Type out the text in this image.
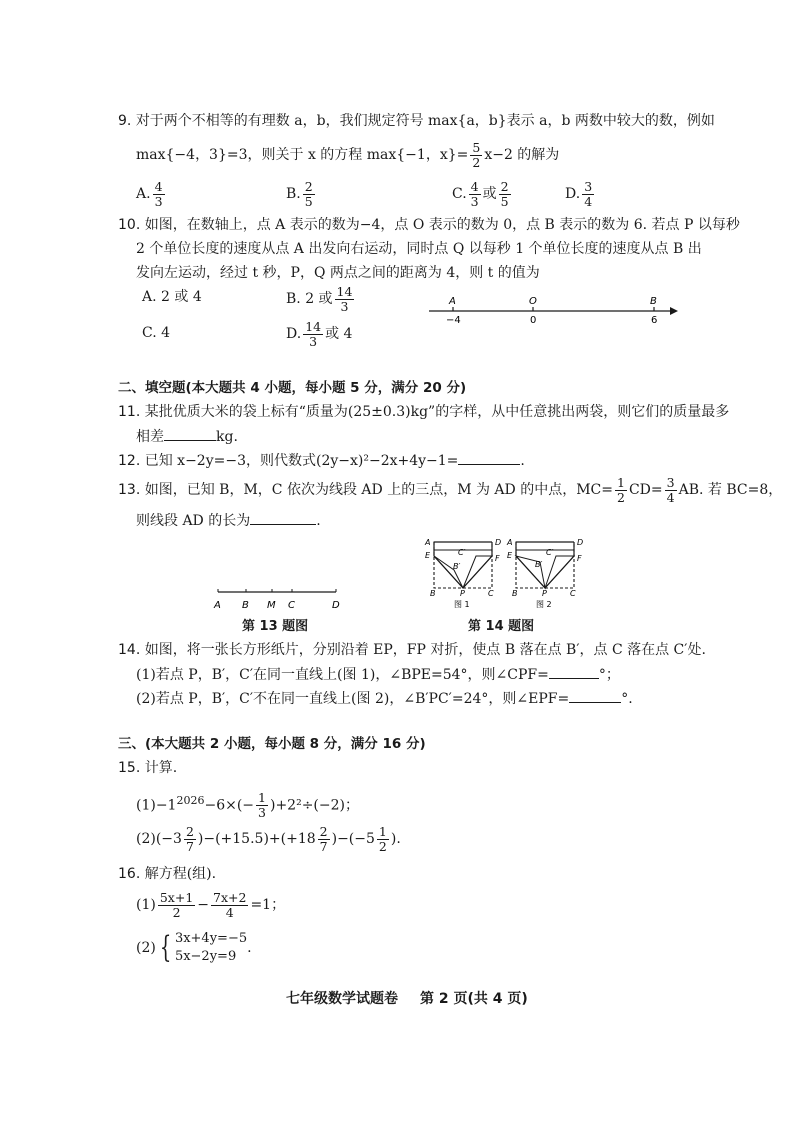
9. 对于两个不相等的有理数 a，b，我们规定符号 max{a，b}表示 a，b 两数中较大的数，例如
max{−4，3}=3，则关于 x 的方程 max{−1，$x\}= \frac{5}{2} x-2$ 的解为
A. $\frac{4}{3}$	B. $\frac{2}{5}$	C. $\frac{4}{3}$ 或 $\frac{2}{5}$	D. $\frac{3}{4}$
10. 如图，在数轴上，点 A 表示的数为−4，点 O 表示的数为 0，点 B 表示的数为 6. 若点 P 以每秒
2 个单位长度的速度从点 A 出发向右运动，同时点 Q 以每秒 1 个单位长度的速度从点 B 出
发向左运动，经过 t 秒，P，Q 两点之间的距离为 4，则 t 的值为
A. 2 或 4	B. 2 或 $\frac{14}{3}$
C. 4	D. $\frac{14}{3}$ 或 4
A	O	B
−4	0	6
二、填空题(本大题共 4 小题，每小题 5 分，满分 20 分)
11. 某批优质大米的袋上标有“质量为(25±0.3)kg”的字样，从中任意挑出两袋，则它们的质量最多
相差	kg.
12. 已知 x−2y=−3，则代数式(2y−x)²−2x+4y−1=	.
13. 如图，已知 B，M，C 依次为线段 AD 上的三点，M 为 AD 的中点，$MC= \frac{1}{2} CD= \frac{3}{4}$ AB. 若 BC=8，
则线段 AD 的长为	.
A B M C	D
第 13 题图
A	D
E	F
C′
B′
B	P	C
图 1
A	D
E	F
C′
B′
B	P	C
图 2
第 14 题图
14. 如图，将一张长方形纸片，分别沿着 EP，FP 对折，使点 B 落在点 B′，点 C 落在点 C′处.
(1)若点 P，B′，C′在同一直线上(图 1)，∠BPE=54°，则∠CPF=	°；
(2)若点 P，B′，C′不在同一直线上(图 2)，∠B′PC′=24°，则∠EPF=	°.
三、(本大题共 2 小题，每小题 8 分，满分 16 分)
15. 计算.
$(1)-1^{2026}-6\times(- \frac{1}{3} )+2^2\div(-2)$；
$(2)(-3 \frac{2}{7} )-(+15.5)+(+18 \frac{2}{7} )-(-5 \frac{1}{2}$ ).
16. 解方程(组).
$(1) \frac{5x+1}{2} - \frac{7x+2}{4} =1$；
(2) { 3x+4y=−5
5x−2y=9
.
七年级数学试题卷 第 2 页(共 4 页)
